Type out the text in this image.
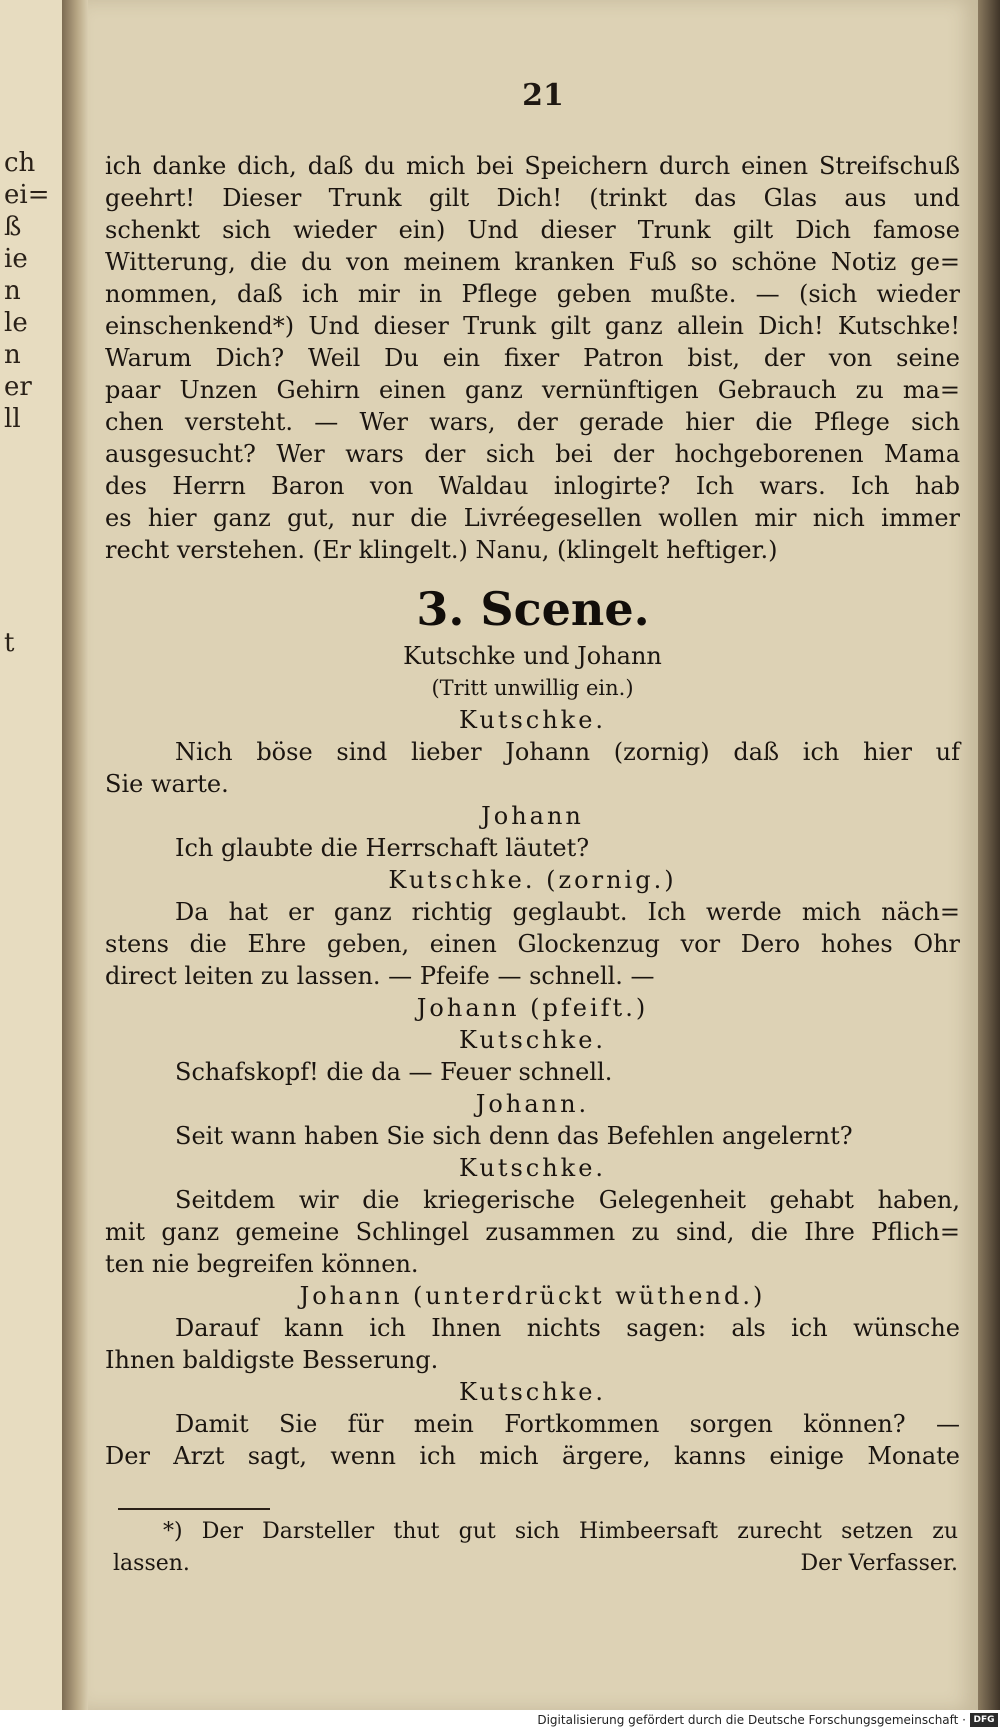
ch
ei=
ß
ie
n
le
n
er
ll
t
21
ich danke dich, daß du mich bei Speichern durch einen Streifschuß
geehrt! Dieser Trunk gilt Dich! (trinkt das Glas aus und
schenkt sich wieder ein) Und dieser Trunk gilt Dich famose
Witterung, die du von meinem kranken Fuß so schöne Notiz ge=
nommen, daß ich mir in Pflege geben mußte. — (sich wieder
einschenkend*) Und dieser Trunk gilt ganz allein Dich! Kutschke!
Warum Dich? Weil Du ein fixer Patron bist, der von seine
paar Unzen Gehirn einen ganz vernünftigen Gebrauch zu ma=
chen versteht. — Wer wars, der gerade hier die Pflege sich
ausgesucht? Wer wars der sich bei der hochgeborenen Mama
des Herrn Baron von Waldau inlogirte? Ich wars. Ich hab
es hier ganz gut, nur die Livréegesellen wollen mir nich immer
recht verstehen. (Er klingelt.) Nanu, (klingelt heftiger.)
3. Scene.
Kutschke und Johann
(Tritt unwillig ein.)
Kutschke.
Nich böse sind lieber Johann (zornig) daß ich hier uf
Sie warte.
Johann
Ich glaubte die Herrschaft läutet?
Kutschke. (zornig.)
Da hat er ganz richtig geglaubt. Ich werde mich näch=
stens die Ehre geben, einen Glockenzug vor Dero hohes Ohr
direct leiten zu lassen. — Pfeife — schnell. —
Johann (pfeift.)
Kutschke.
Schafskopf! die da — Feuer schnell.
Johann.
Seit wann haben Sie sich denn das Befehlen angelernt?
Kutschke.
Seitdem wir die kriegerische Gelegenheit gehabt haben,
mit ganz gemeine Schlingel zusammen zu sind, die Ihre Pflich=
ten nie begreifen können.
Johann (unterdrückt wüthend.)
Darauf kann ich Ihnen nichts sagen: als ich wünsche
Ihnen baldigste Besserung.
Kutschke.
Damit Sie für mein Fortkommen sorgen können? —
Der Arzt sagt, wenn ich mich ärgere, kanns einige Monate
*) Der Darsteller thut gut sich Himbeersaft zurecht setzen zu
lassen.	Der Verfasser.
Digitalisierung gefördert durch die Deutsche Forschungsgemeinschaft · DFG
